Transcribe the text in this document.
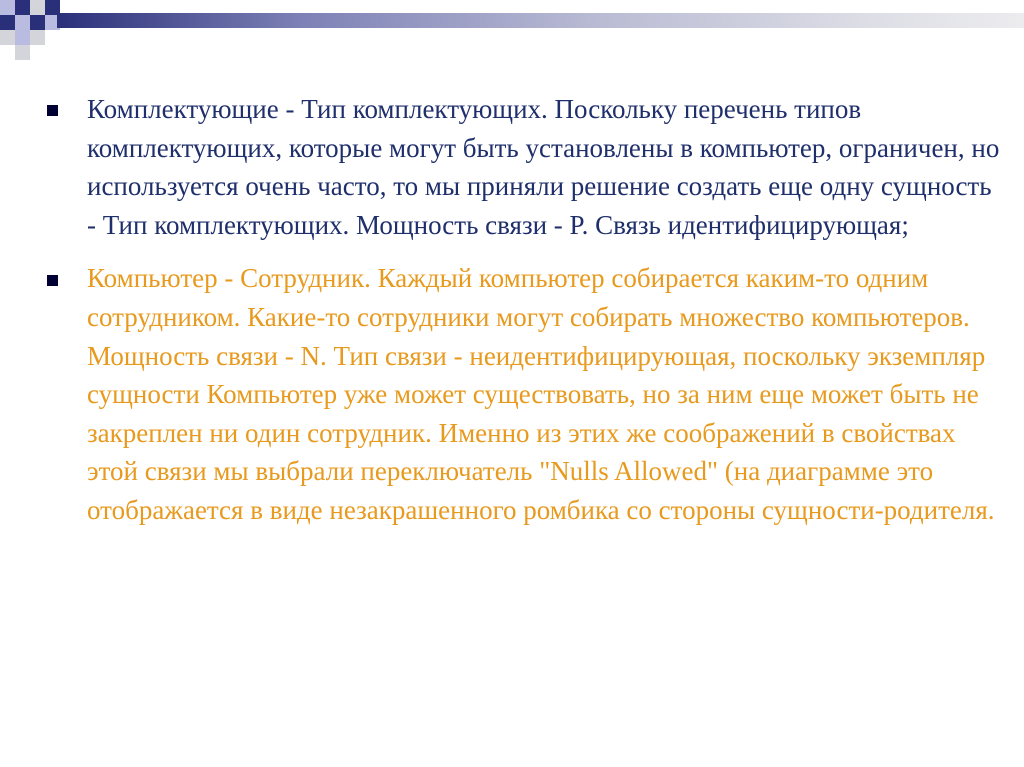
Комплектующие - Тип комплектующих. Поскольку перечень типов комплектующих, которые могут быть установлены в компьютер, ограничен, но используется очень часто, то мы приняли решение создать еще одну сущность - Тип комплектующих. Мощность связи - P. Связь идентифицирующая;
Компьютер - Сотрудник. Каждый компьютер собирается каким-то одним сотрудником. Какие-то сотрудники могут собирать множество компьютеров. Мощность связи - N. Тип связи - неидентифицирующая, поскольку экземпляр сущности Компьютер уже может существовать, но за ним еще может быть не закреплен ни один сотрудник. Именно из этих же соображений в свойствах этой связи мы выбрали переключатель "Nulls Allowed" (на диаграмме это отображается в виде незакрашенного ромбика со стороны сущности-родителя.
